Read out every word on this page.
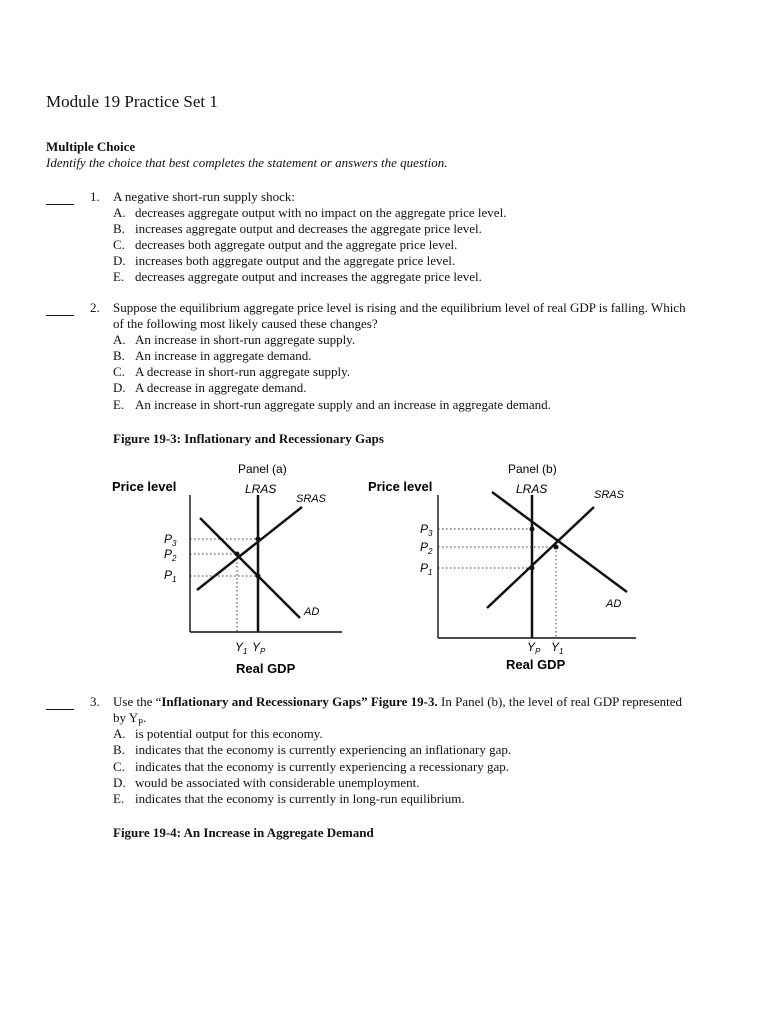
Module 19 Practice Set 1
Multiple Choice
Identify the choice that best completes the statement or answers the question.
1. A negative short-run supply shock:
A. decreases aggregate output with no impact on the aggregate price level.
B. increases aggregate output and decreases the aggregate price level.
C. decreases both aggregate output and the aggregate price level.
D. increases both aggregate output and the aggregate price level.
E. decreases aggregate output and increases the aggregate price level.
2. Suppose the equilibrium aggregate price level is rising and the equilibrium level of real GDP is falling. Which
of the following most likely caused these changes?
A. An increase in short-run aggregate supply.
B. An increase in aggregate demand.
C. A decrease in short-run aggregate supply.
D. A decrease in aggregate demand.
E. An increase in short-run aggregate supply and an increase in aggregate demand.
Figure 19-3: Inflationary and Recessionary Gaps
Panel (a)
Price level	LRAS
SRAS
AD
$P_3$
$P_2$
$P_1$
$Y_1$ $Y_P$
Real GDP
Panel (b)
Price level	LRAS	SRAS
AD
$P_3$
$P_2$
$P_1$
$Y_P$ $Y_1$
Real GDP
3. Use the “Inflationary and Recessionary Gaps” Figure 19-3. In Panel (b), the level of real GDP represented
by $Y_P$.
A. is potential output for this economy.
B. indicates that the economy is currently experiencing an inflationary gap.
C. indicates that the economy is currently experiencing a recessionary gap.
D. would be associated with considerable unemployment.
E. indicates that the economy is currently in long-run equilibrium.
Figure 19-4: An Increase in Aggregate Demand
